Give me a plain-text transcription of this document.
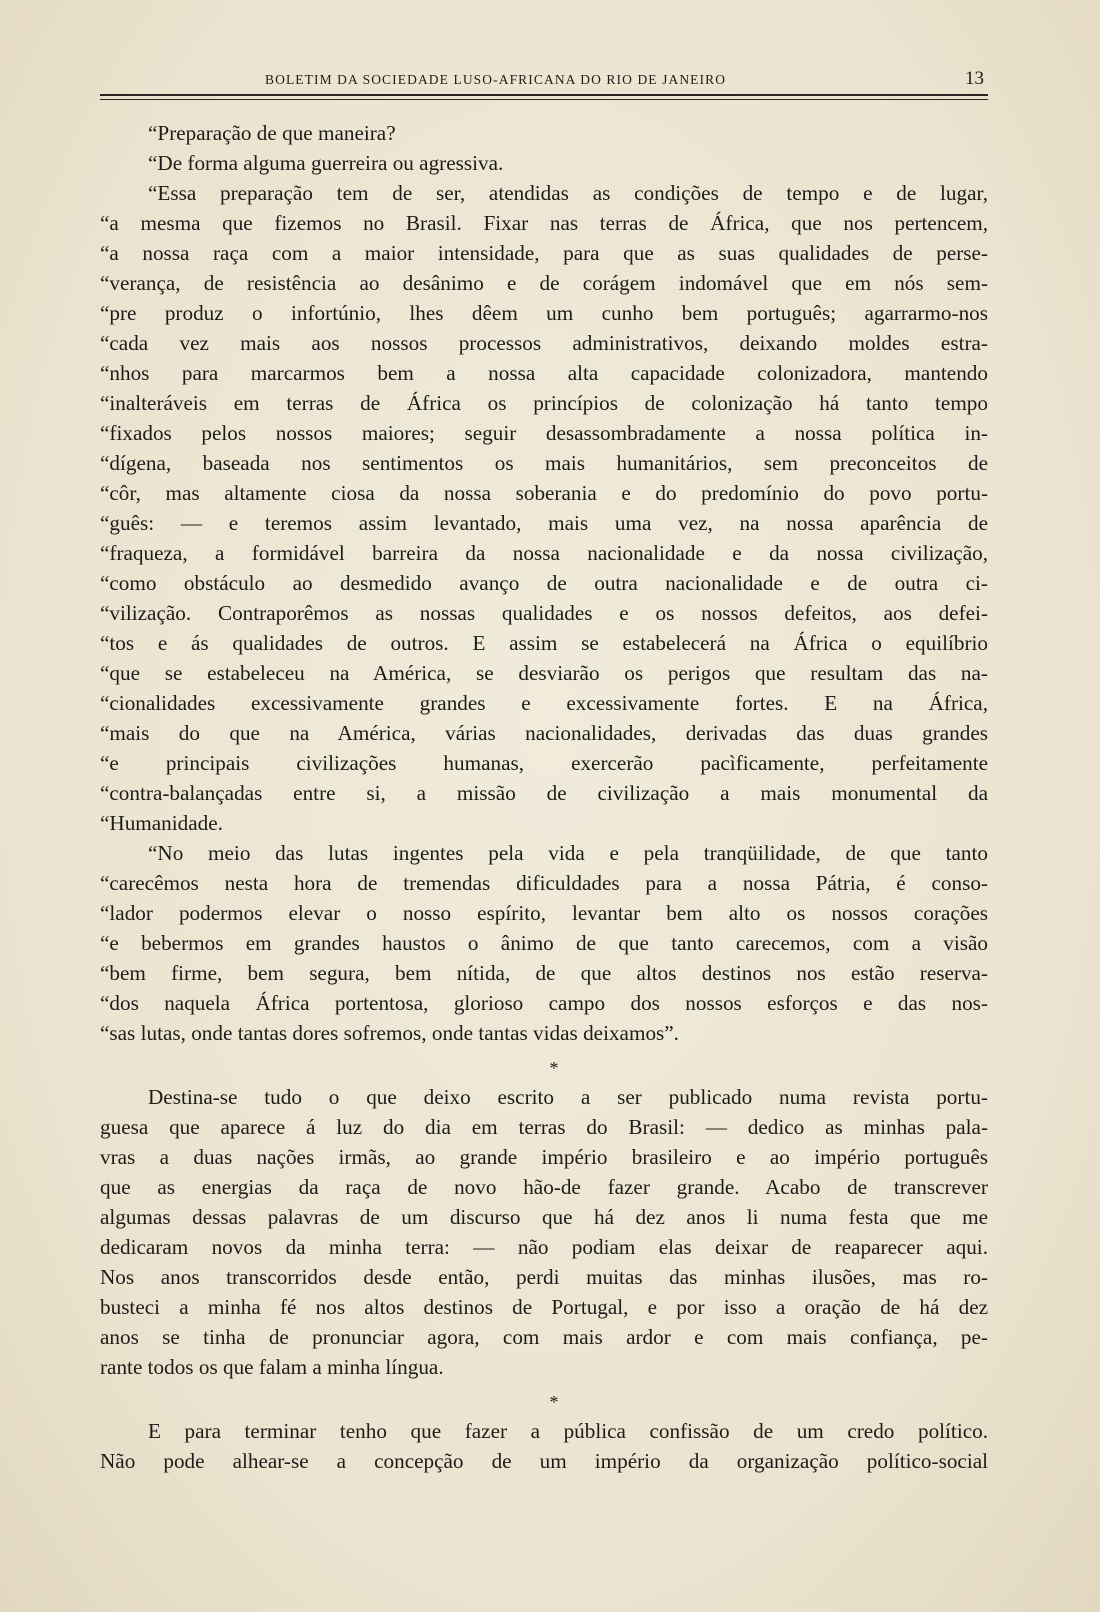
BOLETIM DA SOCIEDADE LUSO-AFRICANA DO RIO DE JANEIRO	13
“Preparação de que maneira?
“De forma alguma guerreira ou agressiva.
“Essa preparação tem de ser, atendidas as condições de tempo e de lugar,
“a mesma que fizemos no Brasil. Fixar nas terras de África, que nos pertencem,
“a nossa raça com a maior intensidade, para que as suas qualidades de perse-
“verança, de resistência ao desânimo e de corágem indomável que em nós sem-
“pre produz o infortúnio, lhes dêem um cunho bem português; agarrarmo-nos
“cada vez mais aos nossos processos administrativos, deixando moldes estra-
“nhos para marcarmos bem a nossa alta capacidade colonizadora, mantendo
“inalteráveis em terras de África os princípios de colonização há tanto tempo
“fixados pelos nossos maiores; seguir desassombradamente a nossa política in-
“dígena, baseada nos sentimentos os mais humanitários, sem preconceitos de
“côr, mas altamente ciosa da nossa soberania e do predomínio do povo portu-
“guês: — e teremos assim levantado, mais uma vez, na nossa aparência de
“fraqueza, a formidável barreira da nossa nacionalidade e da nossa civilização,
“como obstáculo ao desmedido avanço de outra nacionalidade e de outra ci-
“vilização. Contraporêmos as nossas qualidades e os nossos defeitos, aos defei-
“tos e ás qualidades de outros. E assim se estabelecerá na África o equilíbrio
“que se estabeleceu na América, se desviarão os perigos que resultam das na-
“cionalidades excessivamente grandes e excessivamente fortes. E na África,
“mais do que na América, várias nacionalidades, derivadas das duas grandes
“e principais civilizações humanas, exercerão pacìficamente, perfeitamente
“contra-balançadas entre si, a missão de civilização a mais monumental da
“Humanidade.
“No meio das lutas ingentes pela vida e pela tranqüilidade, de que tanto
“carecêmos nesta hora de tremendas dificuldades para a nossa Pátria, é conso-
“lador podermos elevar o nosso espírito, levantar bem alto os nossos corações
“e bebermos em grandes haustos o ânimo de que tanto carecemos, com a visão
“bem firme, bem segura, bem nítida, de que altos destinos nos estão reserva-
“dos naquela África portentosa, glorioso campo dos nossos esforços e das nos-
“sas lutas, onde tantas dores sofremos, onde tantas vidas deixamos”.
*
Destina-se tudo o que deixo escrito a ser publicado numa revista portu-
guesa que aparece á luz do dia em terras do Brasil: — dedico as minhas pala-
vras a duas nações irmãs, ao grande império brasileiro e ao império português
que as energias da raça de novo hão-de fazer grande. Acabo de transcrever
algumas dessas palavras de um discurso que há dez anos li numa festa que me
dedicaram novos da minha terra: — não podiam elas deixar de reaparecer aqui.
Nos anos transcorridos desde então, perdi muitas das minhas ilusões, mas ro-
busteci a minha fé nos altos destinos de Portugal, e por isso a oração de há dez
anos se tinha de pronunciar agora, com mais ardor e com mais confiança, pe-
rante todos os que falam a minha língua.
*
E para terminar tenho que fazer a pública confissão de um credo político.
Não pode alhear-se a concepção de um império da organização político-social
